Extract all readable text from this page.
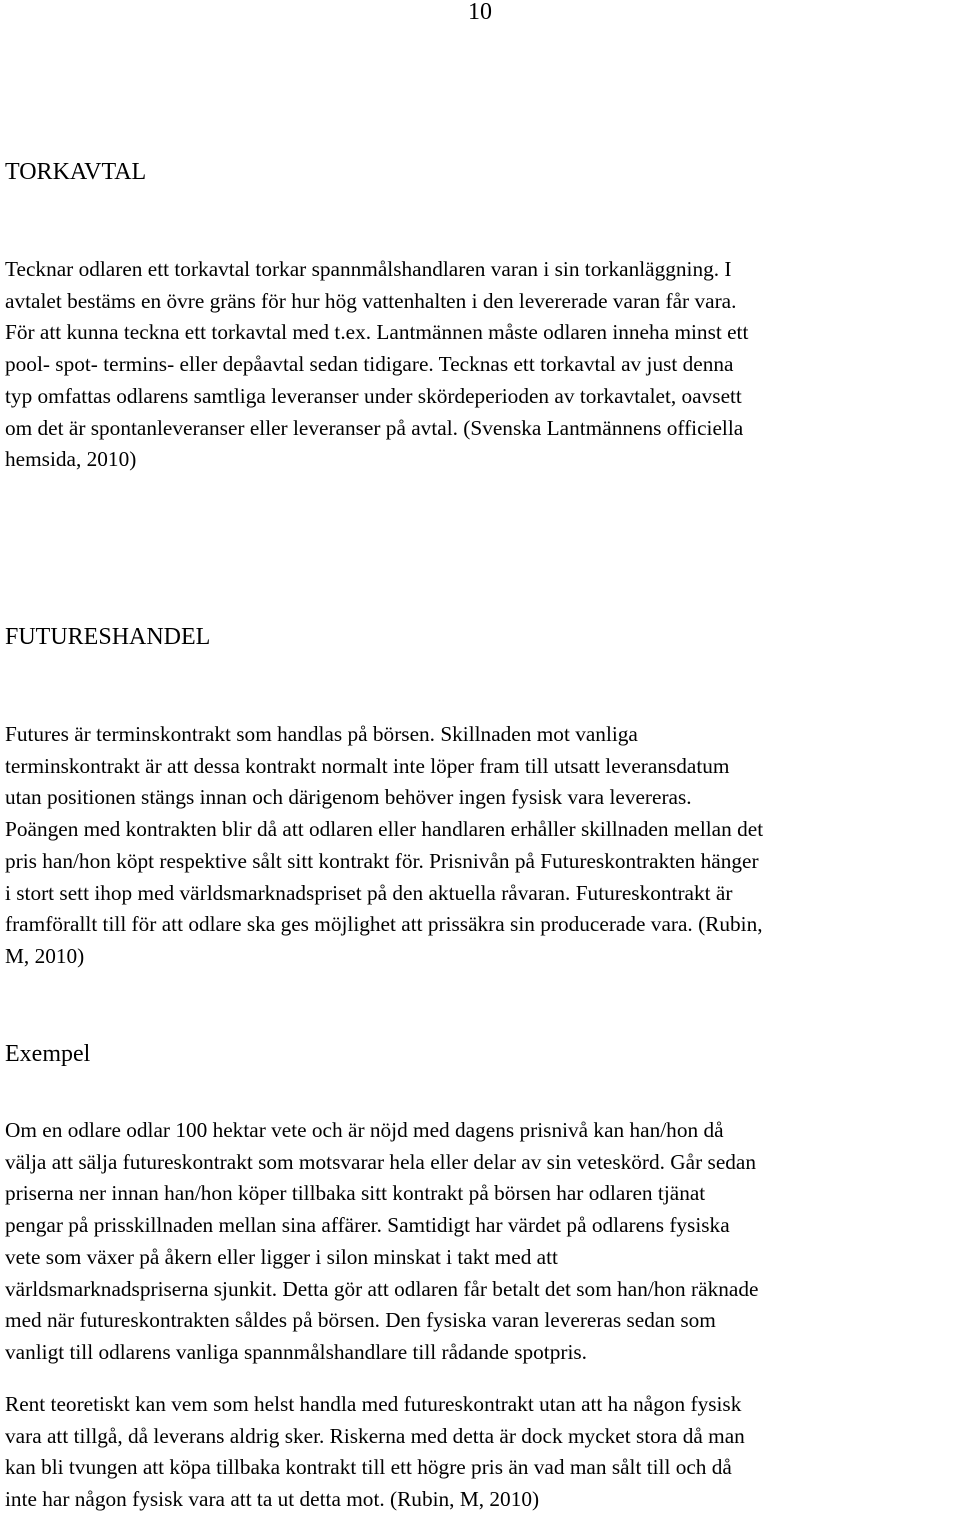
10
TORKAVTAL
Tecknar odlaren ett torkavtal torkar spannmålshandlaren varan i sin torkanläggning. I
avtalet bestäms en övre gräns för hur hög vattenhalten i den levererade varan får vara.
För att kunna teckna ett torkavtal med t.ex. Lantmännen måste odlaren inneha minst ett
pool- spot- termins- eller depåavtal sedan tidigare. Tecknas ett torkavtal av just denna
typ omfattas odlarens samtliga leveranser under skördeperioden av torkavtalet, oavsett
om det är spontanleveranser eller leveranser på avtal. (Svenska Lantmännens officiella
hemsida, 2010)
FUTURESHANDEL
Futures är terminskontrakt som handlas på börsen. Skillnaden mot vanliga
terminskontrakt är att dessa kontrakt normalt inte löper fram till utsatt leveransdatum
utan positionen stängs innan och därigenom behöver ingen fysisk vara levereras.
Poängen med kontrakten blir då att odlaren eller handlaren erhåller skillnaden mellan det
pris han/hon köpt respektive sålt sitt kontrakt för. Prisnivån på Futureskontrakten hänger
i stort sett ihop med världsmarknadspriset på den aktuella råvaran. Futureskontrakt är
framförallt till för att odlare ska ges möjlighet att prissäkra sin producerade vara. (Rubin,
M, 2010)
Exempel
Om en odlare odlar 100 hektar vete och är nöjd med dagens prisnivå kan han/hon då
välja att sälja futureskontrakt som motsvarar hela eller delar av sin veteskörd. Går sedan
priserna ner innan han/hon köper tillbaka sitt kontrakt på börsen har odlaren tjänat
pengar på prisskillnaden mellan sina affärer. Samtidigt har värdet på odlarens fysiska
vete som växer på åkern eller ligger i silon minskat i takt med att
världsmarknadspriserna sjunkit. Detta gör att odlaren får betalt det som han/hon räknade
med när futureskontrakten såldes på börsen. Den fysiska varan levereras sedan som
vanligt till odlarens vanliga spannmålshandlare till rådande spotpris.
Rent teoretiskt kan vem som helst handla med futureskontrakt utan att ha någon fysisk
vara att tillgå, då leverans aldrig sker. Riskerna med detta är dock mycket stora då man
kan bli tvungen att köpa tillbaka kontrakt till ett högre pris än vad man sålt till och då
inte har någon fysisk vara att ta ut detta mot. (Rubin, M, 2010)
